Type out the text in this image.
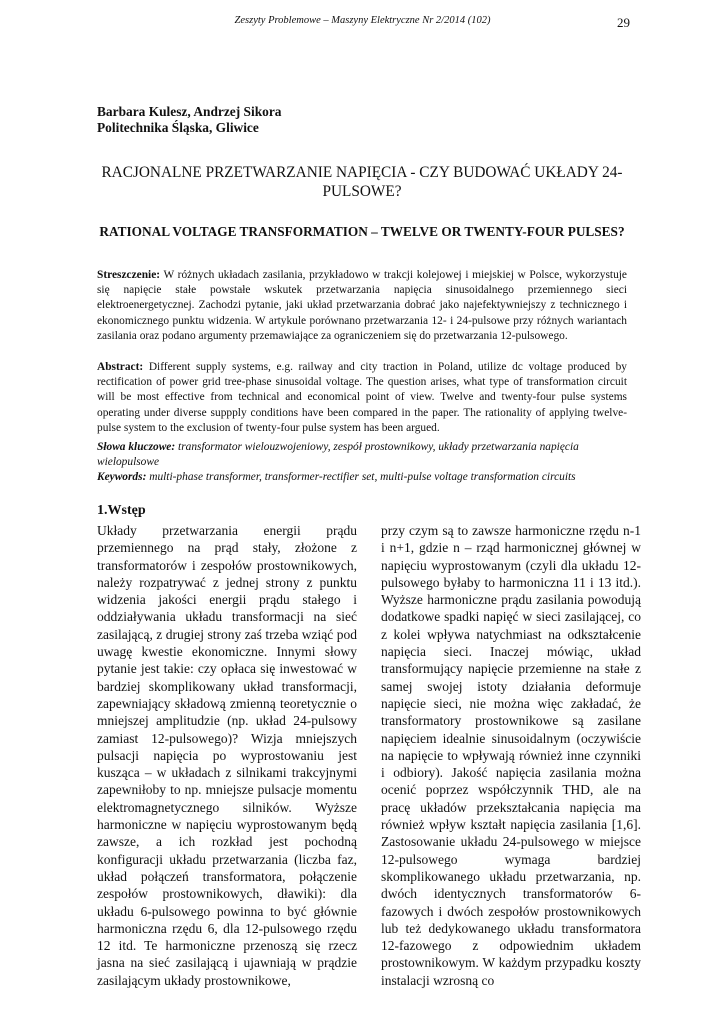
Zeszyty Problemowe – Maszyny Elektryczne Nr 2/2014 (102)	29
Barbara Kulesz, Andrzej Sikora
Politechnika Śląska, Gliwice
RACJONALNE PRZETWARZANIE NAPIĘCIA - CZY BUDOWAĆ UKŁADY 24-PULSOWE?
RATIONAL VOLTAGE TRANSFORMATION – TWELVE OR TWENTY-FOUR PULSES?
Streszczenie: W różnych układach zasilania, przykładowo w trakcji kolejowej i miejskiej w Polsce, wykorzystuje się napięcie stałe powstałe wskutek przetwarzania napięcia sinusoidalnego przemiennego sieci elektroenergetycznej. Zachodzi pytanie, jaki układ przetwarzania dobrać jako najefektywniejszy z technicznego i ekonomicznego punktu widzenia. W artykule porównano przetwarzania 12- i 24-pulsowe przy różnych wariantach zasilania oraz podano argumenty przemawiające za ograniczeniem się do przetwarzania 12-pulsowego.
Abstract: Different supply systems, e.g. railway and city traction in Poland, utilize dc voltage produced by rectification of power grid tree-phase sinusoidal voltage. The question arises, what type of transformation circuit will be most effective from technical and economical point of view. Twelve and twenty-four pulse systems operating under diverse suppply conditions have been compared in the paper. The rationality of applying twelve-pulse system to the exclusion of twenty-four pulse system has been argued.
Słowa kluczowe: transformator wielouzwojeniowy, zespół prostownikowy, układy przetwarzania napięcia wielopulsowe
Keywords: multi-phase transformer, transformer-rectifier set, multi-pulse voltage transformation circuits
1.Wstęp

Układy przetwarzania energii prądu przemiennego na prąd stały, złożone z transformatorów i zespołów prostownikowych, należy rozpatrywać z jednej strony z punktu widzenia jakości energii prądu stałego i oddziaływania układu transformacji na sieć zasilającą, z drugiej strony zaś trzeba wziąć pod uwagę kwestie ekonomiczne. Innymi słowy pytanie jest takie: czy opłaca się inwestować w bardziej skomplikowany układ transformacji, zapewniający składową zmienną teoretycznie o mniejszej amplitudzie (np. układ 24-pulsowy zamiast 12-pulsowego)? Wizja mniejszych pulsacji napięcia po wyprostowaniu jest kusząca – w układach z silnikami trakcyjnymi zapewniłoby to np. mniejsze pulsacje momentu elektromagnetycznego silników. Wyższe harmoniczne w napięciu wyprostowanym będą zawsze, a ich rozkład jest pochodną konfiguracji układu przetwarzania (liczba faz, układ połączeń transformatora, połączenie zespołów prostownikowych, dławiki): dla układu 6-pulsowego powinna to być głównie harmoniczna rzędu 6, dla 12-pulsowego rzędu 12 itd. Te harmoniczne przenoszą się rzecz jasna na sieć zasilającą i ujawniają w prądzie zasilającym układy prostownikowe,

przy czym są to zawsze harmoniczne rzędu n-1 i n+1, gdzie n – rząd harmonicznej głównej w napięciu wyprostowanym (czyli dla układu 12-pulsowego byłaby to harmoniczna 11 i 13 itd.). Wyższe harmoniczne prądu zasilania powodują dodatkowe spadki napięć w sieci zasilającej, co z kolei wpływa natychmiast na odkształcenie napięcia sieci. Inaczej mówiąc, układ transformujący napięcie przemienne na stałe z samej swojej istoty działania deformuje napięcie sieci, nie można więc zakładać, że transformatory prostownikowe są zasilane napięciem idealnie sinusoidalnym (oczywiście na napięcie to wpływają również inne czynniki i odbiory). Jakość napięcia zasilania można ocenić poprzez współczynnik THD, ale na pracę układów przekształcania napięcia ma również wpływ kształt napięcia zasilania [1,6]. Zastosowanie układu 24-pulsowego w miejsce 12-pulsowego wymaga bardziej skomplikowanego układu przetwarzania, np. dwóch identycznych transformatorów 6-fazowych i dwóch zespołów prostownikowych lub też dedykowanego układu transformatora 12-fazowego z odpowiednim układem prostownikowym. W każdym przypadku koszty instalacji wzrosną co
